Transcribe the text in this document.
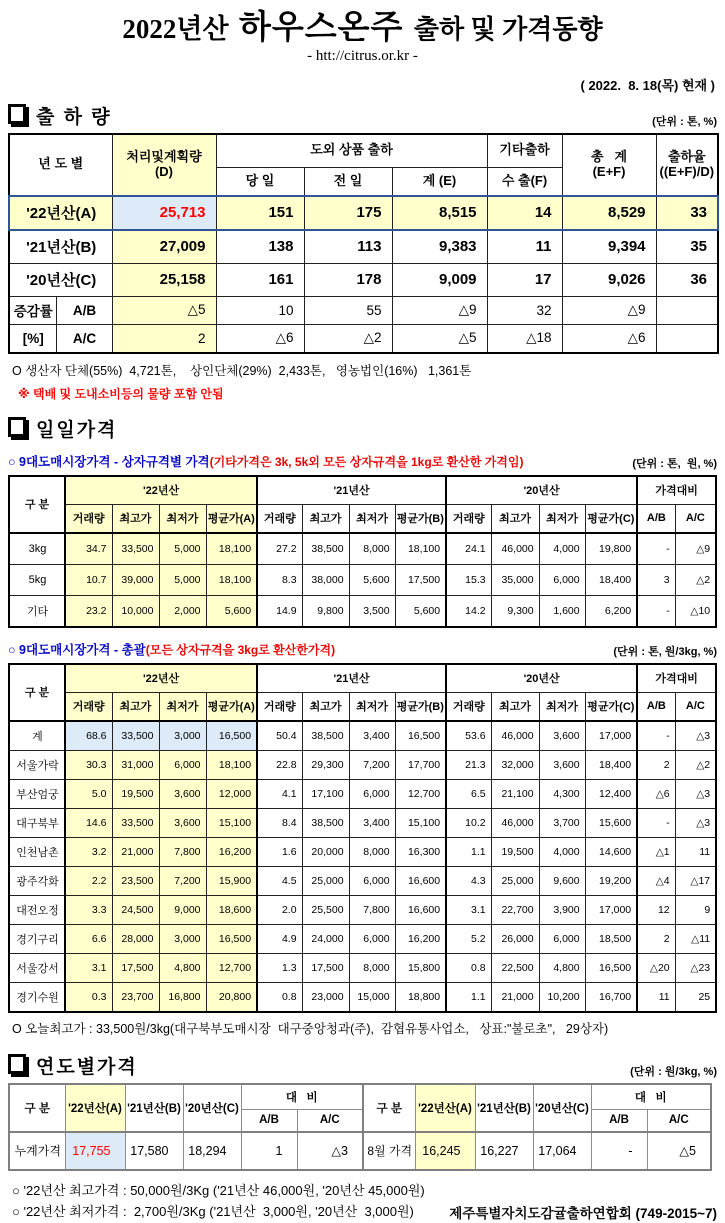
2022년산 하우스온주 출하 및 가격동향
- htt://citrus.or.kr -
( 2022.  8. 18(목) 현재 )
출 하 량	(단위 : 톤, %)
년 도 별		처리및계획량
(D)	도외 상품 출하			기타출하	총   계
(E+F)	출하율
((E+F)/D)
			당 일	전 일	계 (E)	수 출(F)		
'22년산(A)		25,713	151	175	8,515	14	8,529	33
'21년산(B)		27,009	138	113	9,383	11	9,394	35
'20년산(C)		25,158	161	178	9,009	17	9,026	36
증감률	A/B	△5	10	55	△9	32	△9	
[%]	A/C	2	△6	△2	△5	△18	△6	
O 생산자 단체(55%)  4,721톤,    상인단체(29%)  2,433톤,   영농법인(16%)   1,361톤
※ 택배 및 도내소비등의 물량 포함 안됨
일일가격
○ 9대도매시장가격 - 상자규격별 가격(기타가격은 3k, 5k외 모든 상자규격을 1kg로 환산한 가격임)	(단위 : 톤,  원, %)
구 분	'22년산				'21년산				'20년산				가격대비	
	거래량	최고가	최저가	평균가(A)	거래량	최고가	최저가	평균가(B)	거래량	최고가	최저가	평균가(C)	A/B	A/C
3kg	34.7	33,500	5,000	18,100	27.2	38,500	8,000	18,100	24.1	46,000	4,000	19,800	-	△9
5kg	10.7	39,000	5,000	18,100	8.3	38,000	5,600	17,500	15.3	35,000	6,000	18,400	3	△2
기타	23.2	10,000	2,000	5,600	14.9	9,800	3,500	5,600	14.2	9,300	1,600	6,200	-	△10
○ 9대도매시장가격 - 총괄(모든 상자규격을 3kg로 환산한가격)	(단위 : 톤, 원/3kg, %)
구 분	'22년산				'21년산				'20년산				가격대비	
	거래량	최고가	최저가	평균가(A)	거래량	최고가	최저가	평균가(B)	거래량	최고가	최저가	평균가(C)	A/B	A/C
계	68.6	33,500	3,000	16,500	50.4	38,500	3,400	16,500	53.6	46,000	3,600	17,000	-	△3
서울가락	30.3	31,000	6,000	18,100	22.8	29,300	7,200	17,700	21.3	32,000	3,600	18,400	2	△2
부산엄궁	5.0	19,500	3,600	12,000	4.1	17,100	6,000	12,700	6.5	21,100	4,300	12,400	△6	△3
대구북부	14.6	33,500	3,600	15,100	8.4	38,500	3,400	15,100	10.2	46,000	3,700	15,600	-	△3
인천남촌	3.2	21,000	7,800	16,200	1.6	20,000	8,000	16,300	1.1	19,500	4,000	14,600	△1	11
광주각화	2.2	23,500	7,200	15,900	4.5	25,000	6,000	16,600	4.3	25,000	9,600	19,200	△4	△17
대전오정	3.3	24,500	9,000	18,600	2.0	25,500	7,800	16,600	3.1	22,700	3,900	17,000	12	9
경기구리	6.6	28,000	3,000	16,500	4.9	24,000	6,000	16,200	5.2	26,000	6,000	18,500	2	△11
서울강서	3.1	17,500	4,800	12,700	1.3	17,500	8,000	15,800	0.8	22,500	4,800	16,500	△20	△23
경기수원	0.3	23,700	16,800	20,800	0.8	23,000	15,000	18,800	1.1	21,000	10,200	16,700	11	25
O 오늘최고가 : 33,500원/3kg(대구북부도매시장  대구중앙청과(주),  감협유통사업소,   상표:"불로초",   29상자)
연도별가격	(단위 : 원/3kg, %)
구 분	'22년산(A)	'21년산(B)	'20년산(C)	대   비		구 분	'22년산(A)	'21년산(B)	'20년산(C)	대   비	
				A/B	A/C					A/B	A/C
누계가격	17,755	17,580	18,294	1	△3	8월 가격	16,245	16,227	17,064	-	△5
○ '22년산 최고가격 : 50,000원/3Kg ('21년산 46,000원, '20년산 45,000원)
○ '22년산 최저가격 :  2,700원/3Kg ('21년산  3,000원, '20년산  3,000원)	제주특별자치도감귤출하연합회 (749-2015~7)
